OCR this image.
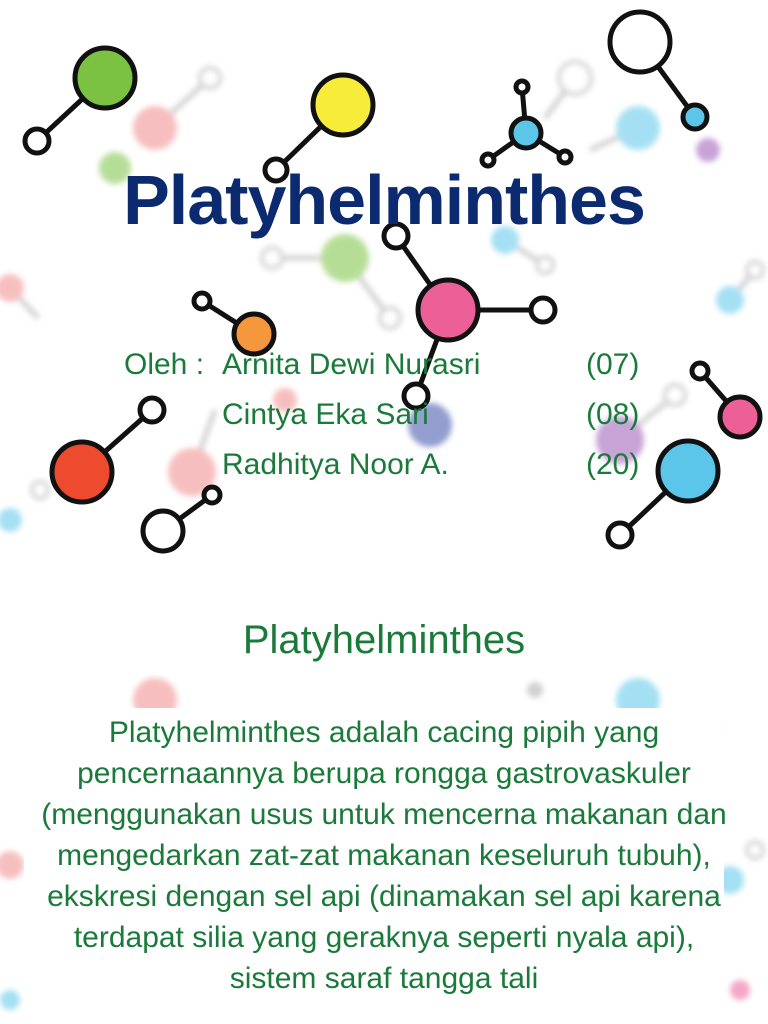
Platyhelminthes
Oleh : Arnita Dewi Nurasri	(07)
Cintya Eka Sari	(08)
Radhitya Noor A.	(20)
Platyhelminthes

Platyhelminthes adalah cacing pipih yang pencernaannya berupa rongga gastrovaskuler (menggunakan usus untuk mencerna makanan dan mengedarkan zat-zat makanan keseluruh tubuh), ekskresi dengan sel api (dinamakan sel api karena terdapat silia yang geraknya seperti nyala api), sistem saraf tangga tali
